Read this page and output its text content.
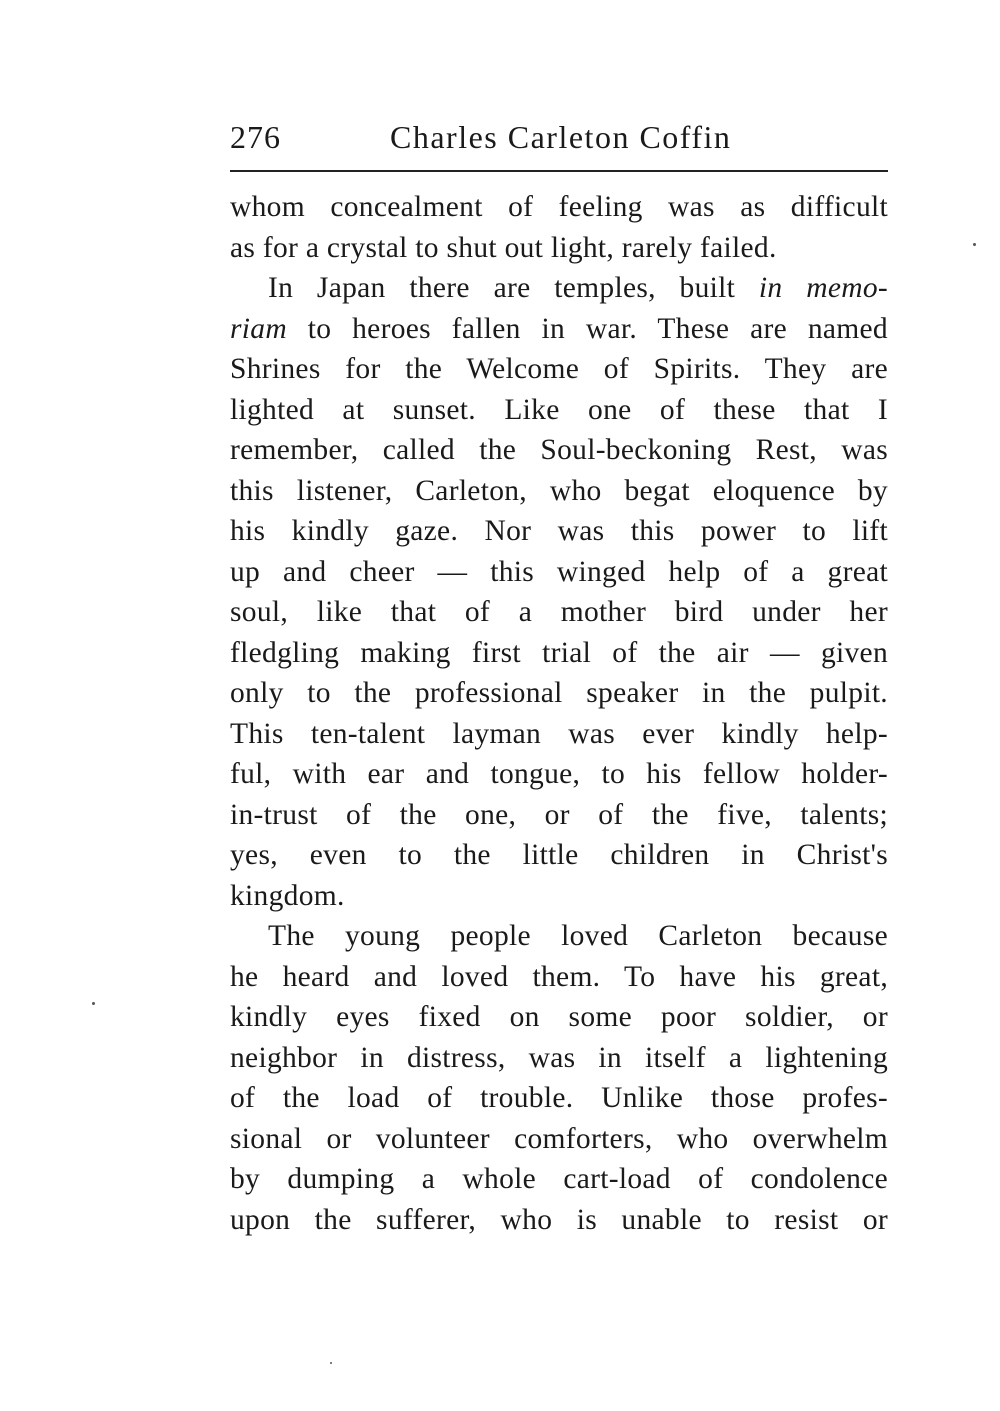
276	Charles Carleton Coffin
whom concealment of feeling was as difficult
as for a crystal to shut out light, rarely failed.
In Japan there are temples, built in memo-
riam to heroes fallen in war. These are named
Shrines for the Welcome of Spirits. They are
lighted at sunset. Like one of these that I
remember, called the Soul-beckoning Rest, was
this listener, Carleton, who begat eloquence by
his kindly gaze. Nor was this power to lift
up and cheer — this winged help of a great
soul, like that of a mother bird under her
fledgling making first trial of the air — given
only to the professional speaker in the pulpit.
This ten-talent layman was ever kindly help-
ful, with ear and tongue, to his fellow holder-
in-trust of the one, or of the five, talents;
yes, even to the little children in Christ's
kingdom.
The young people loved Carleton because
he heard and loved them. To have his great,
kindly eyes fixed on some poor soldier, or
neighbor in distress, was in itself a lightening
of the load of trouble. Unlike those profes-
sional or volunteer comforters, who overwhelm
by dumping a whole cart-load of condolence
upon the sufferer, who is unable to resist or
